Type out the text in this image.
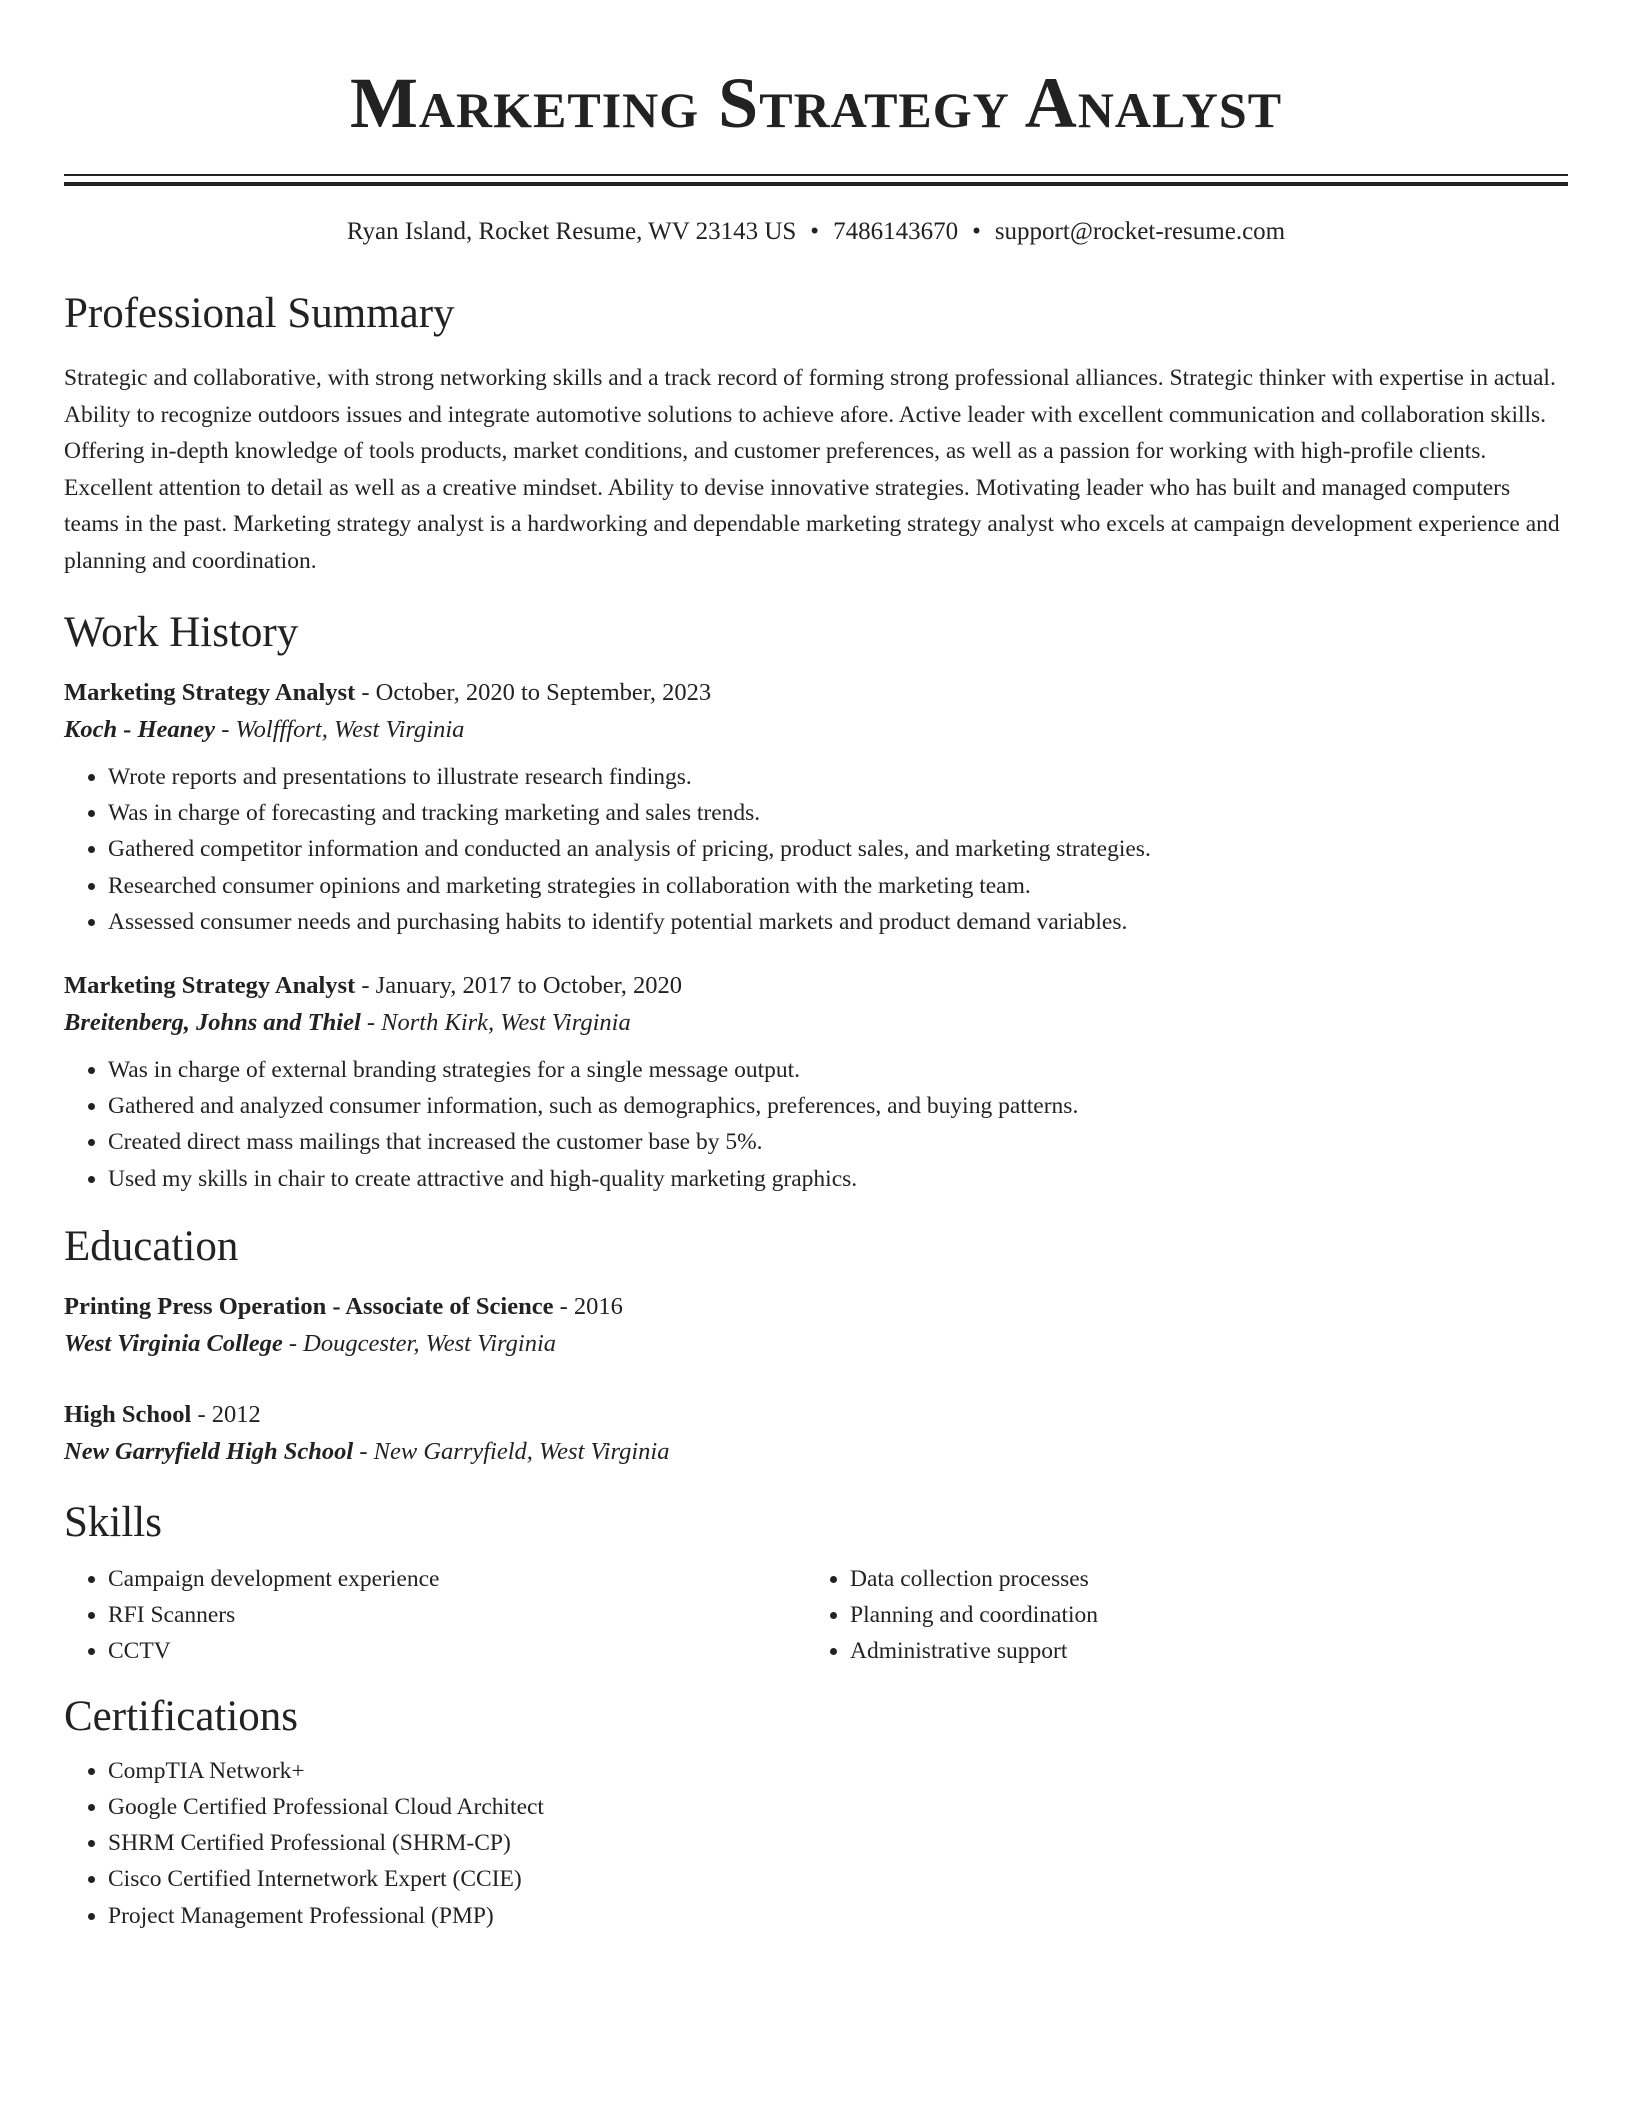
Marketing Strategy Analyst
Ryan Island, Rocket Resume, WV 23143 US • 7486143670 • support@rocket-resume.com
Professional Summary

Strategic and collaborative, with strong networking skills and a track record of forming strong professional alliances. Strategic thinker with expertise in actual. Ability to recognize outdoors issues and integrate automotive solutions to achieve afore. Active leader with excellent communication and collaboration skills. Offering in-depth knowledge of tools products, market conditions, and customer preferences, as well as a passion for working with high-profile clients. Excellent attention to detail as well as a creative mindset. Ability to devise innovative strategies. Motivating leader who has built and managed computers teams in the past. Marketing strategy analyst is a hardworking and dependable marketing strategy analyst who excels at campaign development experience and planning and coordination.

Work History
Marketing Strategy Analyst - October, 2020 to September, 2023
Koch - Heaney - Wolfffort, West Virginia
• Wrote reports and presentations to illustrate research findings.
• Was in charge of forecasting and tracking marketing and sales trends.
• Gathered competitor information and conducted an analysis of pricing, product sales, and marketing strategies.
• Researched consumer opinions and marketing strategies in collaboration with the marketing team.
• Assessed consumer needs and purchasing habits to identify potential markets and product demand variables.
Marketing Strategy Analyst - January, 2017 to October, 2020
Breitenberg, Johns and Thiel - North Kirk, West Virginia
• Was in charge of external branding strategies for a single message output.
• Gathered and analyzed consumer information, such as demographics, preferences, and buying patterns.
• Created direct mass mailings that increased the customer base by 5%.
• Used my skills in chair to create attractive and high-quality marketing graphics.
Education
Printing Press Operation - Associate of Science - 2016
West Virginia College - Dougcester, West Virginia
High School - 2012
New Garryfield High School - New Garryfield, West Virginia
Skills
• Campaign development experience
• RFI Scanners
• CCTV
• Data collection processes
• Planning and coordination
• Administrative support
Certifications
• CompTIA Network+
• Google Certified Professional Cloud Architect
• SHRM Certified Professional (SHRM-CP)
• Cisco Certified Internetwork Expert (CCIE)
• Project Management Professional (PMP)
